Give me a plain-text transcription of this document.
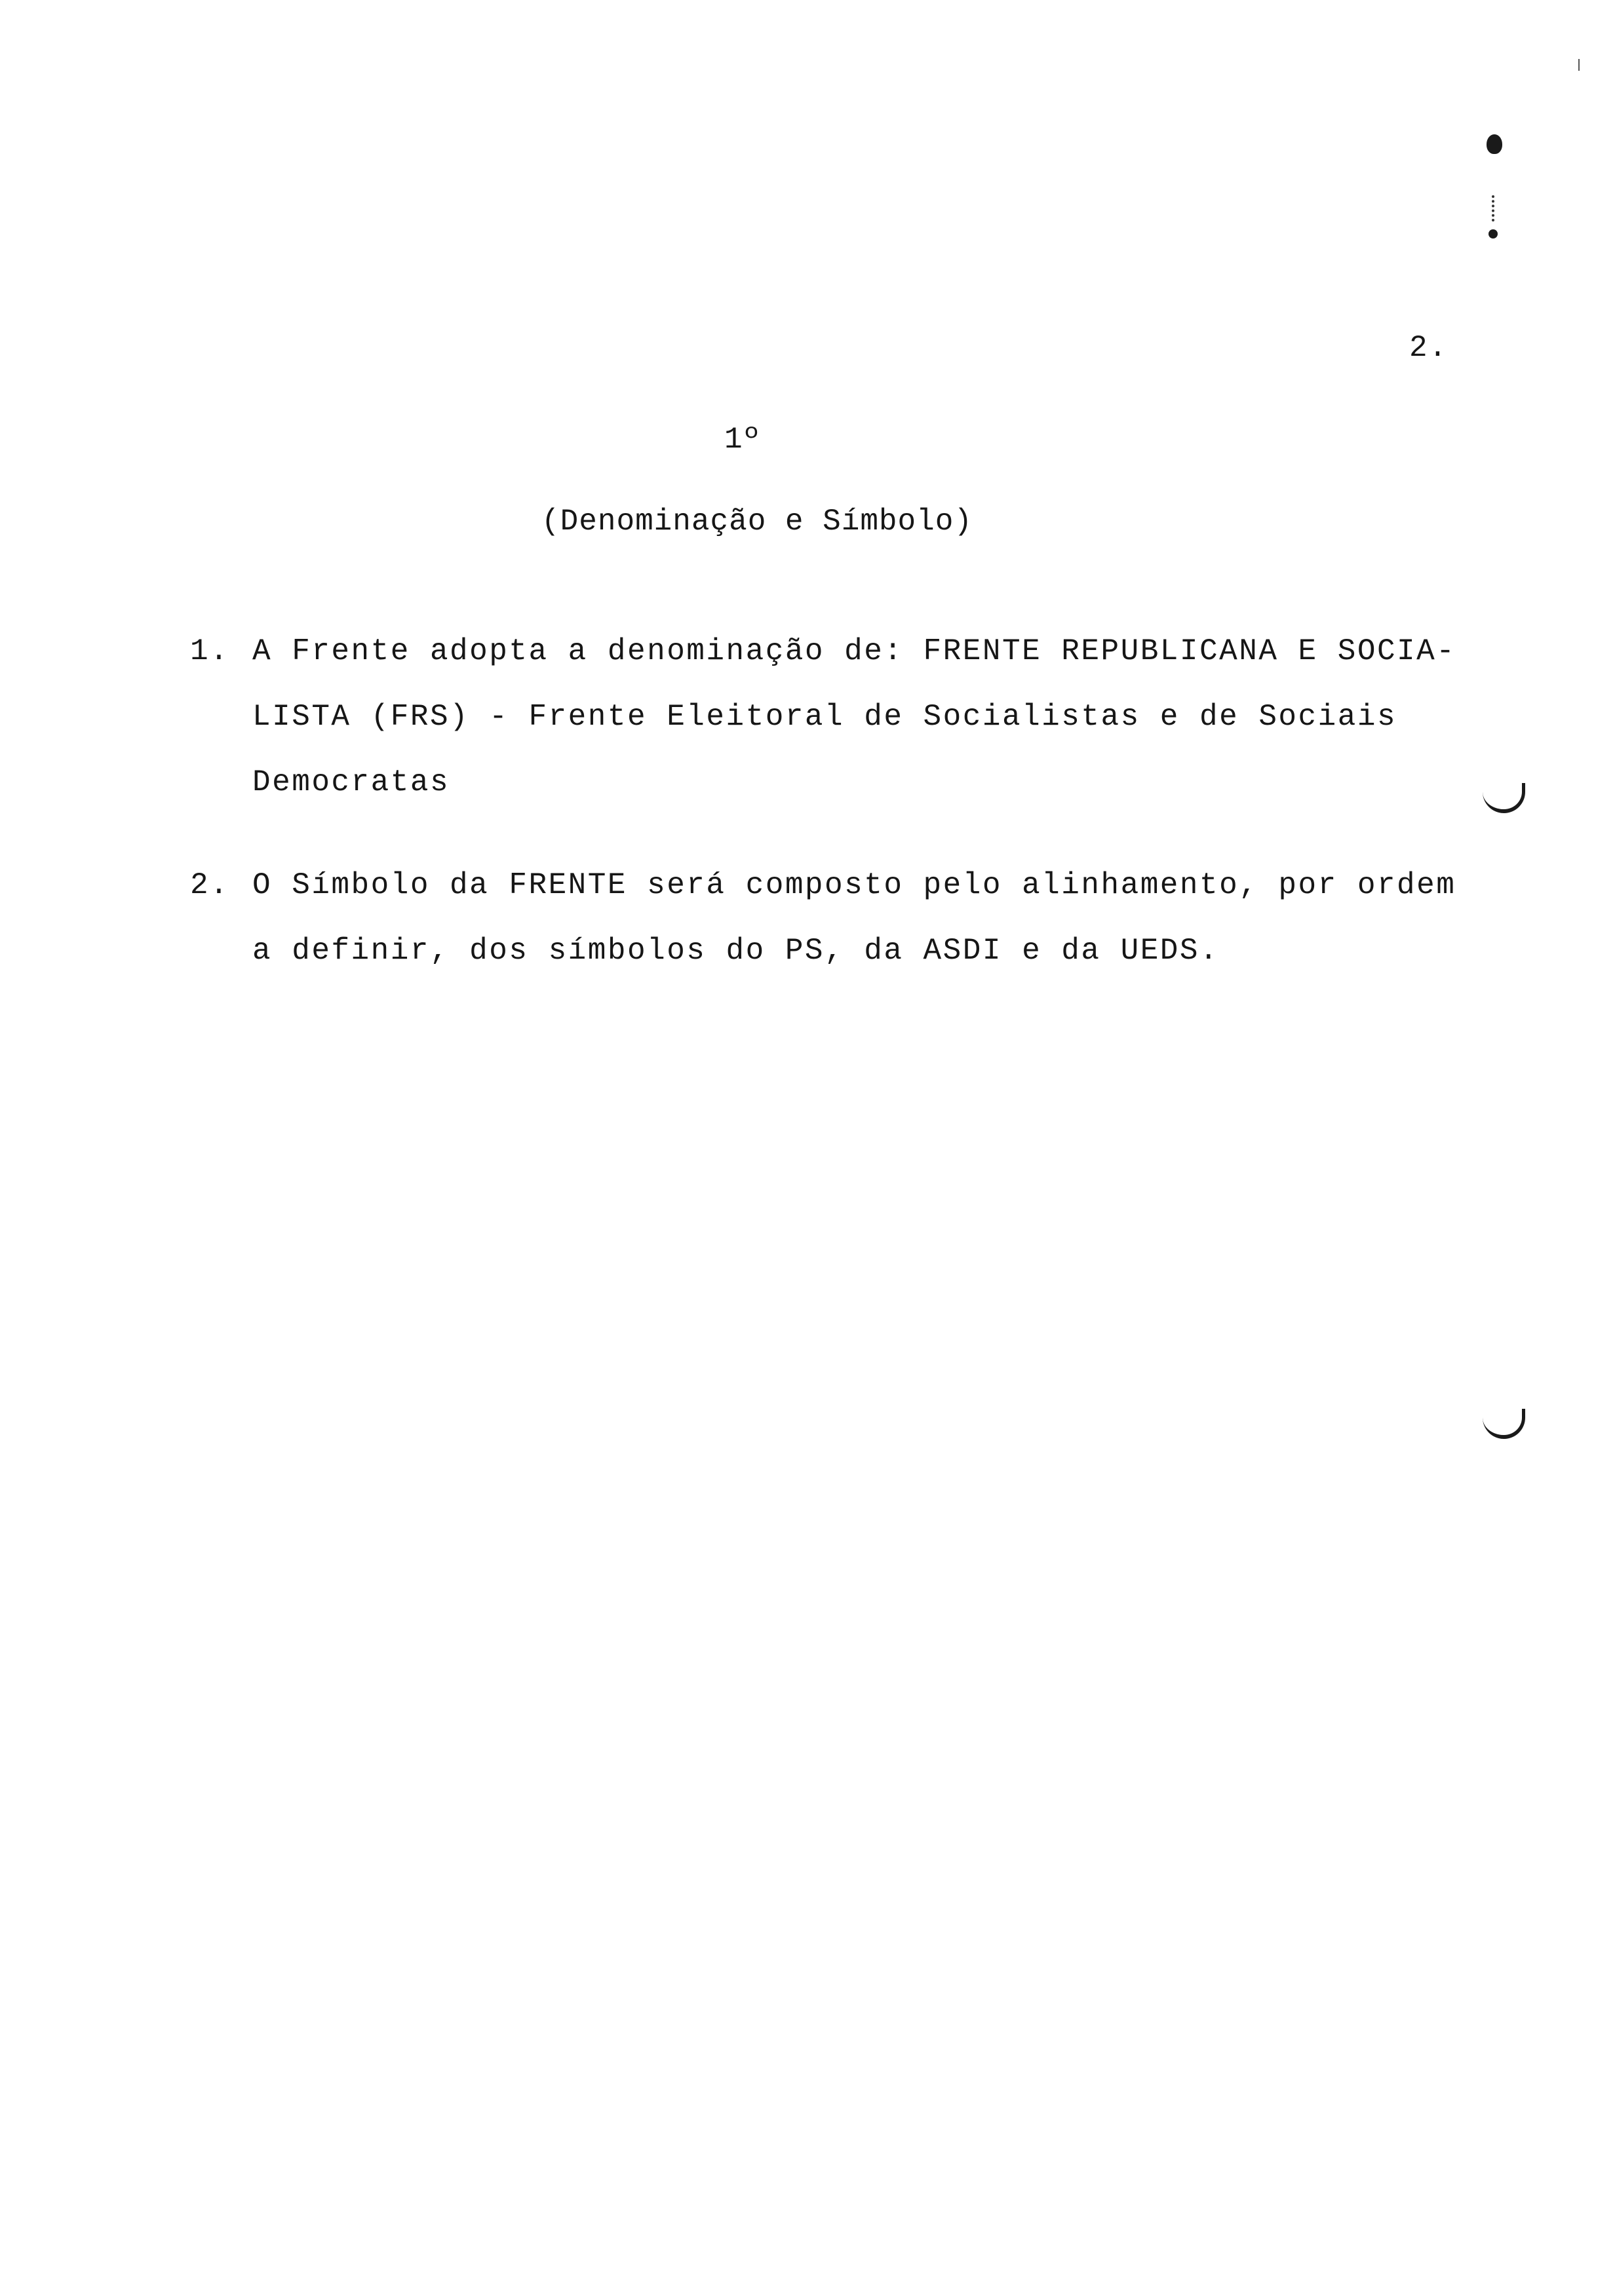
2.
1º
(Denominação e Símbolo)
1. A Frente adopta a denominação de: FRENTE REPUBLICANA E SOCIA-
LISTA (FRS) - Frente Eleitoral de Socialistas e de Sociais
Democratas
2. O Símbolo da FRENTE será composto pelo alinhamento, por ordem
a definir, dos símbolos do PS, da ASDI e da UEDS.
